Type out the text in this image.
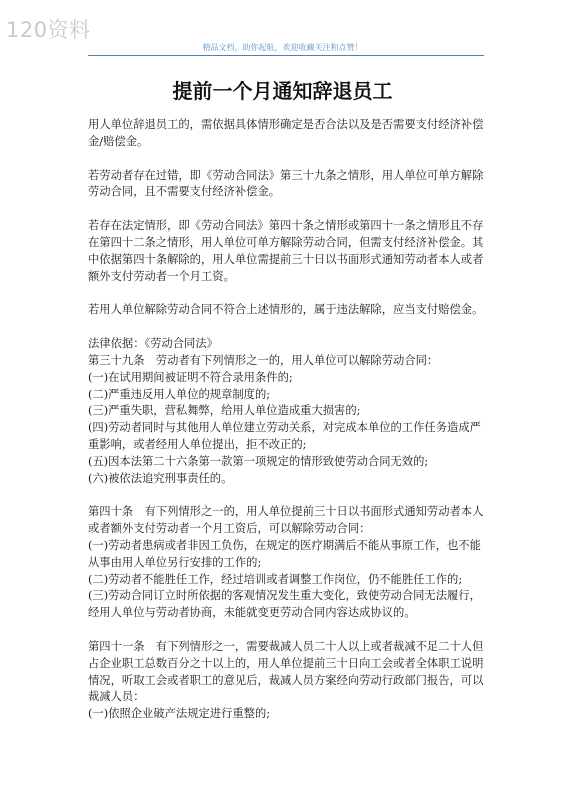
120资料
精品文档，助你起航，欢迎收藏关注和点赞！
提前一个月通知辞退员工

用人单位辞退员工的，需依据具体情形确定是否合法以及是否需要支付经济补偿金/赔偿金。

若劳动者存在过错，即《劳动合同法》第三十九条之情形，用人单位可单方解除劳动合同，且不需要支付经济补偿金。

若存在法定情形，即《劳动合同法》第四十条之情形或第四十一条之情形且不存在第四十二条之情形，用人单位可单方解除劳动合同，但需支付经济补偿金。其中依据第四十条解除的，用人单位需提前三十日以书面形式通知劳动者本人或者额外支付劳动者一个月工资。

若用人单位解除劳动合同不符合上述情形的，属于违法解除，应当支付赔偿金。

法律依据：《劳动合同法》

第三十九条　劳动者有下列情形之一的，用人单位可以解除劳动合同：

(一)在试用期间被证明不符合录用条件的;

(二)严重违反用人单位的规章制度的;

(三)严重失职，营私舞弊，给用人单位造成重大损害的;

(四)劳动者同时与其他用人单位建立劳动关系，对完成本单位的工作任务造成严重影响，或者经用人单位提出，拒不改正的;

(五)因本法第二十六条第一款第一项规定的情形致使劳动合同无效的;

(六)被依法追究刑事责任的。

第四十条　有下列情形之一的，用人单位提前三十日以书面形式通知劳动者本人或者额外支付劳动者一个月工资后，可以解除劳动合同：

(一)劳动者患病或者非因工负伤，在规定的医疗期满后不能从事原工作，也不能从事由用人单位另行安排的工作的;

(二)劳动者不能胜任工作，经过培训或者调整工作岗位，仍不能胜任工作的;

(三)劳动合同订立时所依据的客观情况发生重大变化，致使劳动合同无法履行，经用人单位与劳动者协商，未能就变更劳动合同内容达成协议的。

第四十一条　有下列情形之一，需要裁减人员二十人以上或者裁减不足二十人但占企业职工总数百分之十以上的，用人单位提前三十日向工会或者全体职工说明情况，听取工会或者职工的意见后，裁减人员方案经向劳动行政部门报告，可以裁减人员：

(一)依照企业破产法规定进行重整的;
